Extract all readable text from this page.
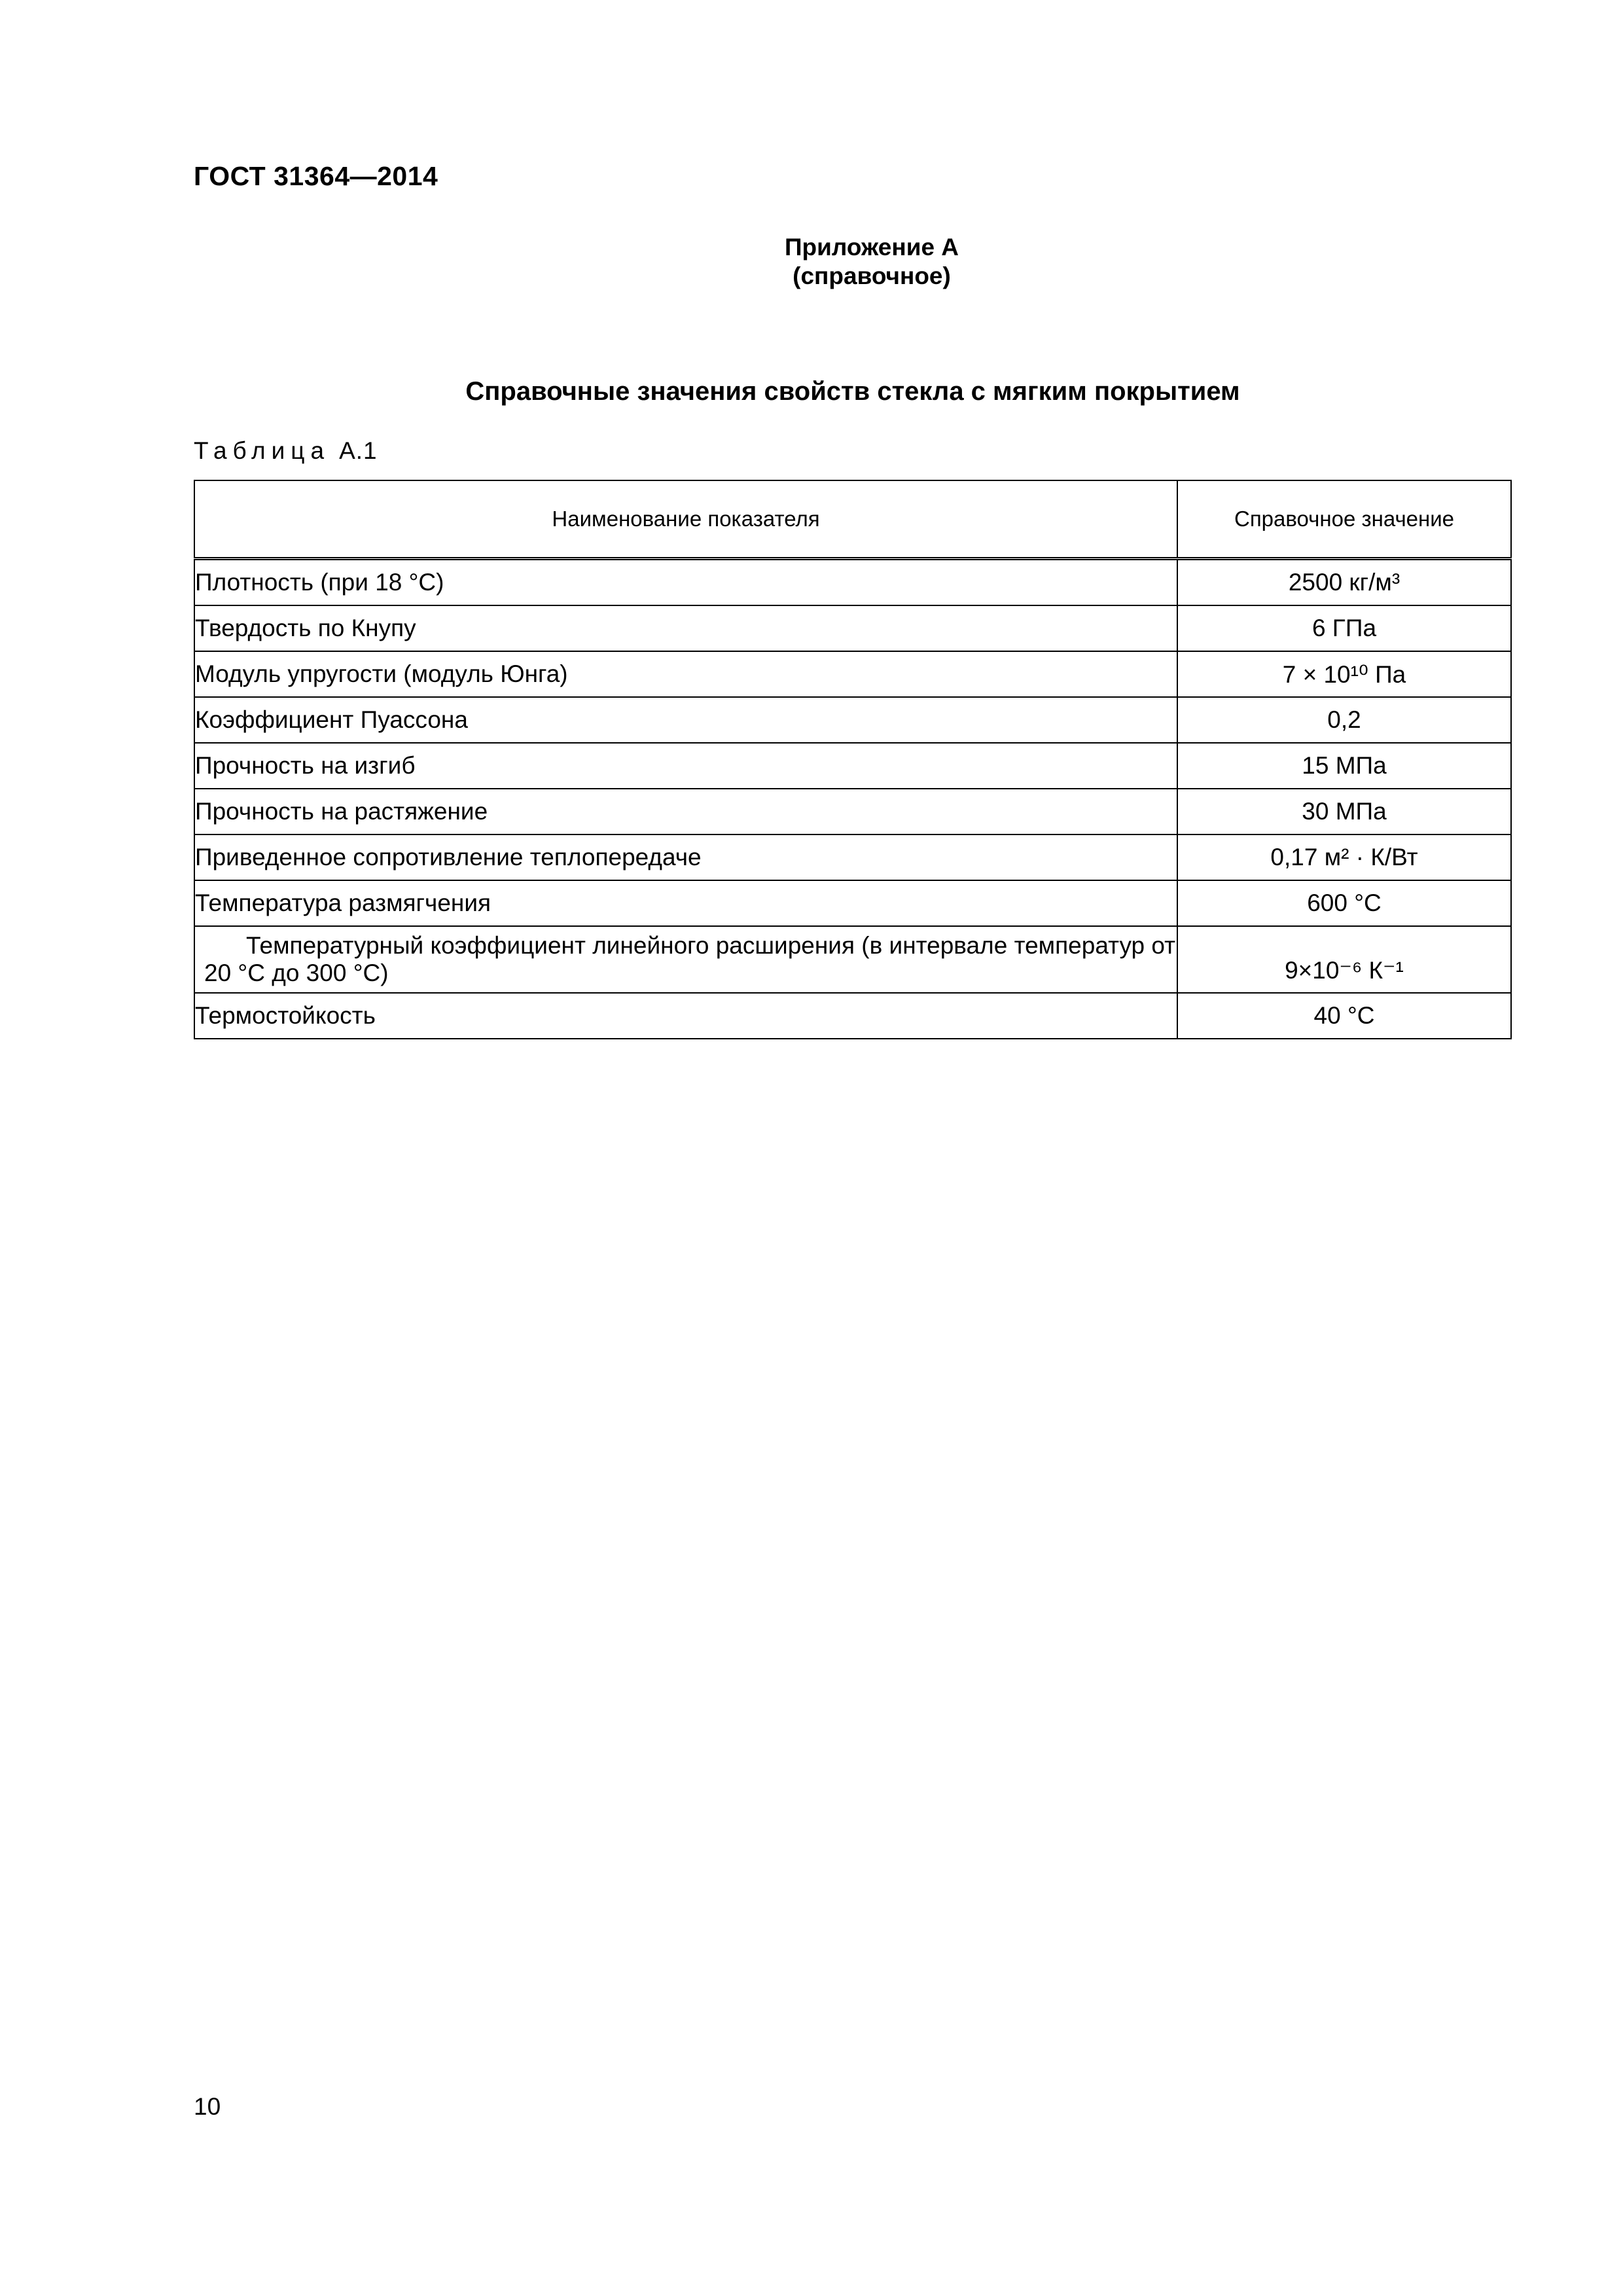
ГОСТ 31364—2014
Приложение А
(справочное)
Справочные значения свойств стекла с мягким покрытием
Таблица А.1
Наименование показателя	Справочное значение
Плотность (при 18 °С)	2500 кг/м³
Твердость по Кнупу	6 ГПа
Модуль упругости (модуль Юнга)	7 × 10¹⁰ Па
Коэффициент Пуассона	0,2
Прочность на изгиб	15 МПа
Прочность на растяжение	30 МПа
Приведенное сопротивление теплопередаче	0,17 м² · К/Вт
Температура размягчения	600 °С
Температурный коэффициент линейного расширения (в интервале температур от 20 °С до 300 °С)	9×10⁻⁶ К⁻¹
Термостойкость	40 °С
10
